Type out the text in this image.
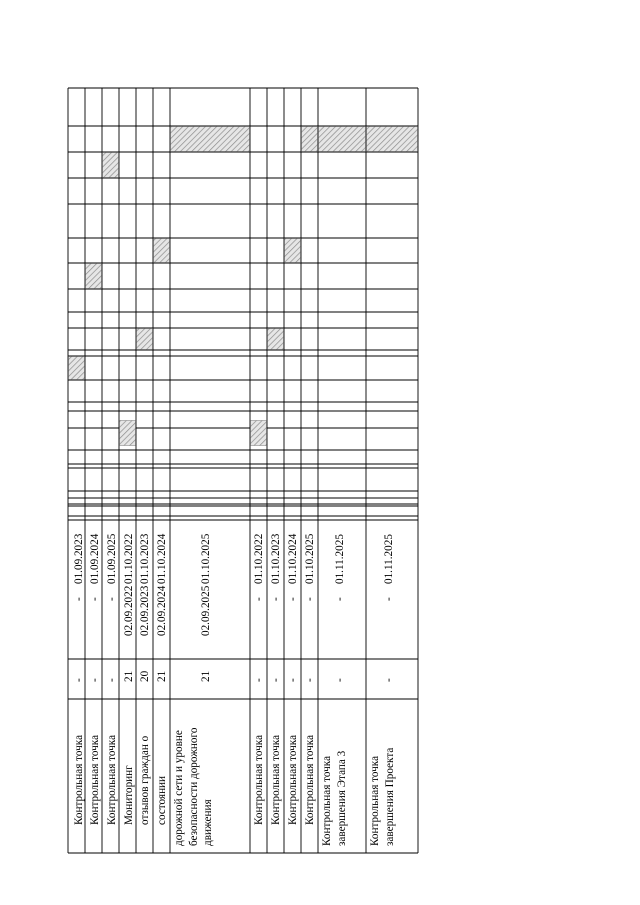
Контрольная точка
-
-
01.09.2023
Контрольная точка
-
-
01.09.2024
Контрольная точка
-
-
01.09.2025
Мониторинг
21
02.09.2022
01.10.2022
отзывов граждан о
20
02.09.2023
01.10.2023
состоянии
21
02.09.2024
01.10.2024
дорожной сети и уровне безопасности дорожного движения
21
02.09.2025
01.10.2025
Контрольная точка
-
-
01.10.2022
Контрольная точка
-
-
01.10.2023
Контрольная точка
-
-
01.10.2024
Контрольная точка
-
-
01.10.2025
Контрольная точка завершения Этапа 3
-
-
01.11.2025
Контрольная точка завершения Проекта
-
-
01.11.2025
